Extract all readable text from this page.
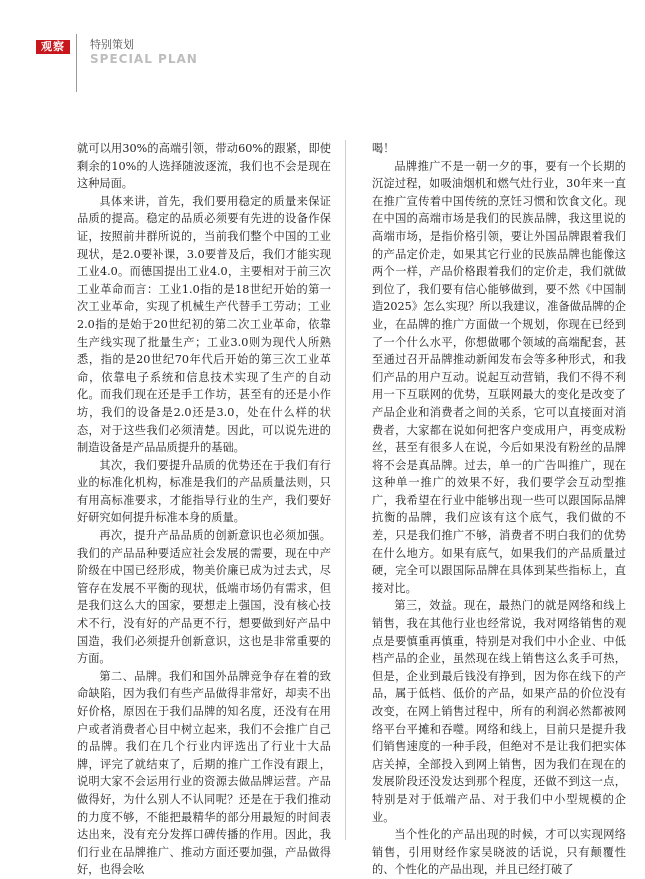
观察	特别策划
SPECIAL PLAN

就可以用30%的高端引领，带动60%的跟紧，即使剩余的10%的人选择随波逐流，我们也不会是现在这种局面。

具体来讲，首先，我们要用稳定的质量来保证品质的提高。稳定的品质必须要有先进的设备作保证，按照前井群所说的，当前我们整个中国的工业现状，是2.0要补课，3.0要普及后，我们才能实现工业4.0。而德国提出工业4.0，主要相对于前三次工业革命而言：工业1.0指的是18世纪开始的第一次工业革命，实现了机械生产代替手工劳动；工业2.0指的是始于20世纪初的第二次工业革命，依靠生产线实现了批量生产；工业3.0则为现代人所熟悉，指的是20世纪70年代后开始的第三次工业革命，依靠电子系统和信息技术实现了生产的自动化。而我们现在还是手工作坊，甚至有的还是小作坊，我们的设备是2.0还是3.0，处在什么样的状态，对于这些我们必须清楚。因此，可以说先进的制造设备是产品品质提升的基础。

其次，我们要提升品质的优势还在于我们有行业的标准化机构，标准是我们的产品质量法则，只有用高标准要求，才能指导行业的生产，我们要好好研究如何提升标准本身的质量。

再次，提升产品品质的创新意识也必须加强。我们的产品品种要适应社会发展的需要，现在中产阶级在中国已经形成，物美价廉已成为过去式，尽管存在发展不平衡的现状，低端市场仍有需求，但是我们这么大的国家，要想走上强国，没有核心技术不行，没有好的产品更不行，想要做到好产品中国造，我们必须提升创新意识，这也是非常重要的方面。

第二、品牌。我们和国外品牌竞争存在着的致命缺陷，因为我们有些产品做得非常好，却卖不出好价格，原因在于我们品牌的知名度，还没有在用户或者消费者心目中树立起来，我们不会推广自己的品牌。我们在几个行业内评选出了行业十大品牌，评完了就结束了，后期的推广工作没有跟上，说明大家不会运用行业的资源去做品牌运营。产品做得好，为什么别人不认同呢？还是在于我们推动的力度不够，不能把最精华的部分用最短的时间表达出来，没有充分发挥口碑传播的作用。因此，我们行业在品牌推广、推动方面还要加强，产品做得好，也得会吆

喝！

品牌推广不是一朝一夕的事，要有一个长期的沉淀过程，如吸油烟机和燃气灶行业，30年来一直在推广宣传着中国传统的烹饪习惯和饮食文化。现在中国的高端市场是我们的民族品牌，我这里说的高端市场，是指价格引领，要让外国品牌跟着我们的产品定价走，如果其它行业的民族品牌也能像这两个一样，产品价格跟着我们的定价走，我们就做到位了，我们要有信心能够做到，要不然《中国制造2025》怎么实现？所以我建议，准备做品牌的企业，在品牌的推广方面做一个规划，你现在已经到了一个什么水平，你想做哪个领域的高端配套，甚至通过召开品牌推动新闻发布会等多种形式，和我们产品的用户互动。说起互动营销，我们不得不利用一下互联网的优势，互联网最大的变化是改变了产品企业和消费者之间的关系，它可以直接面对消费者，大家都在说如何把客户变成用户，再变成粉丝，甚至有很多人在说，今后如果没有粉丝的品牌将不会是真品牌。过去，单一的广告叫推广，现在这种单一推广的效果不好，我们要学会互动型推广，我希望在行业中能够出现一些可以跟国际品牌抗衡的品牌，我们应该有这个底气，我们做的不差，只是我们推广不够，消费者不明白我们的优势在什么地方。如果有底气，如果我们的产品质量过硬，完全可以跟国际品牌在具体到某些指标上，直接对比。

第三，效益。现在，最热门的就是网络和线上销售，我在其他行业也经常说，我对网络销售的观点是要慎重再慎重，特别是对我们中小企业、中低档产品的企业，虽然现在线上销售这么炙手可热，但是，企业到最后钱没有挣到，因为你在线下的产品，属于低档、低价的产品，如果产品的价位没有改变，在网上销售过程中，所有的利润必然都被网络平台平摊和吞噬。网络和线上，目前只是提升我们销售速度的一种手段，但绝对不是让我们把实体店关掉，全部投入到网上销售，因为我们在现在的发展阶段还没发达到那个程度，还做不到这一点，特别是对于低端产品、对于我们中小型规模的企业。

当个性化的产品出现的时候，才可以实现网络销售，引用财经作家吴晓波的话说，只有颠覆性的、个性化的产品出现，并且已经打破了
